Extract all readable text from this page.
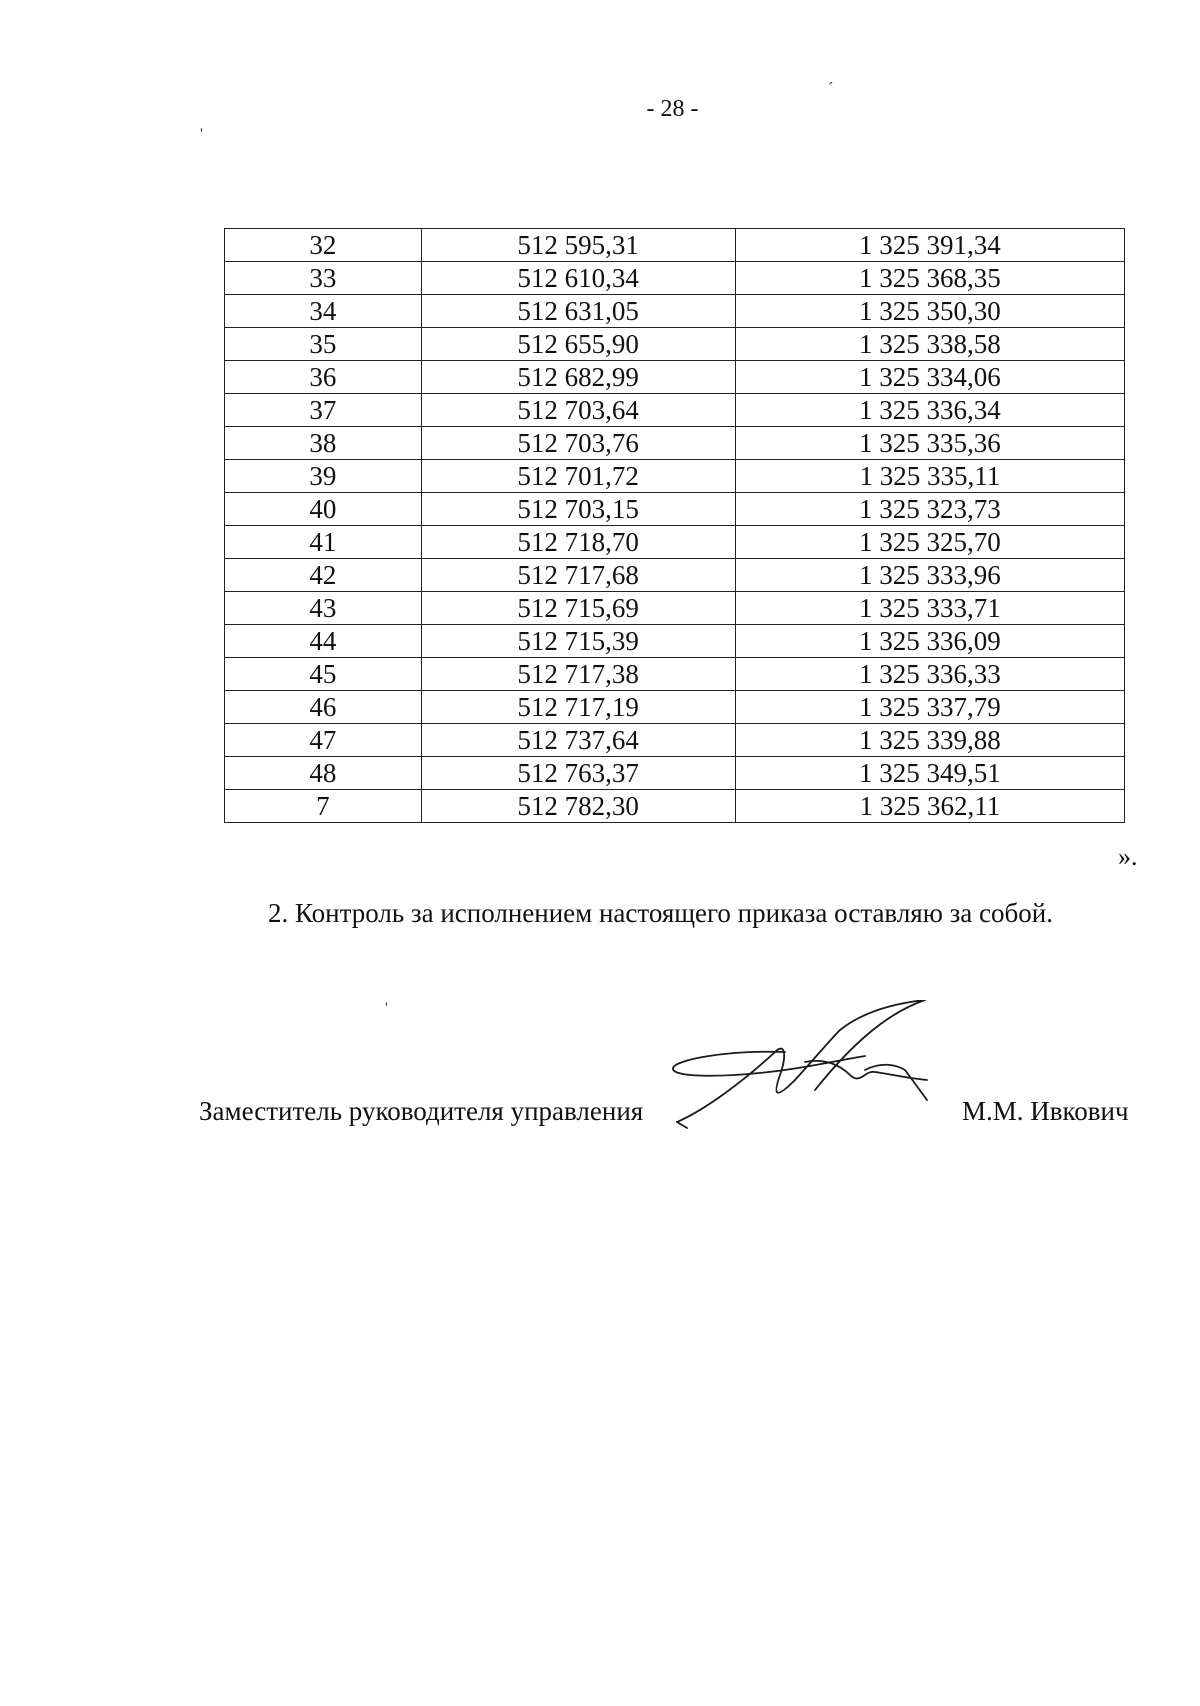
- 28 -
´
'
'
32	512 595,31	1 325 391,34
33	512 610,34	1 325 368,35
34	512 631,05	1 325 350,30
35	512 655,90	1 325 338,58
36	512 682,99	1 325 334,06
37	512 703,64	1 325 336,34
38	512 703,76	1 325 335,36
39	512 701,72	1 325 335,11
40	512 703,15	1 325 323,73
41	512 718,70	1 325 325,70
42	512 717,68	1 325 333,96
43	512 715,69	1 325 333,71
44	512 715,39	1 325 336,09
45	512 717,38	1 325 336,33
46	512 717,19	1 325 337,79
47	512 737,64	1 325 339,88
48	512 763,37	1 325 349,51
7	512 782,30	1 325 362,11
».
2. Контроль за исполнением настоящего приказа оставляю за собой.
Заместитель руководителя управления	М.М. Ивкович
